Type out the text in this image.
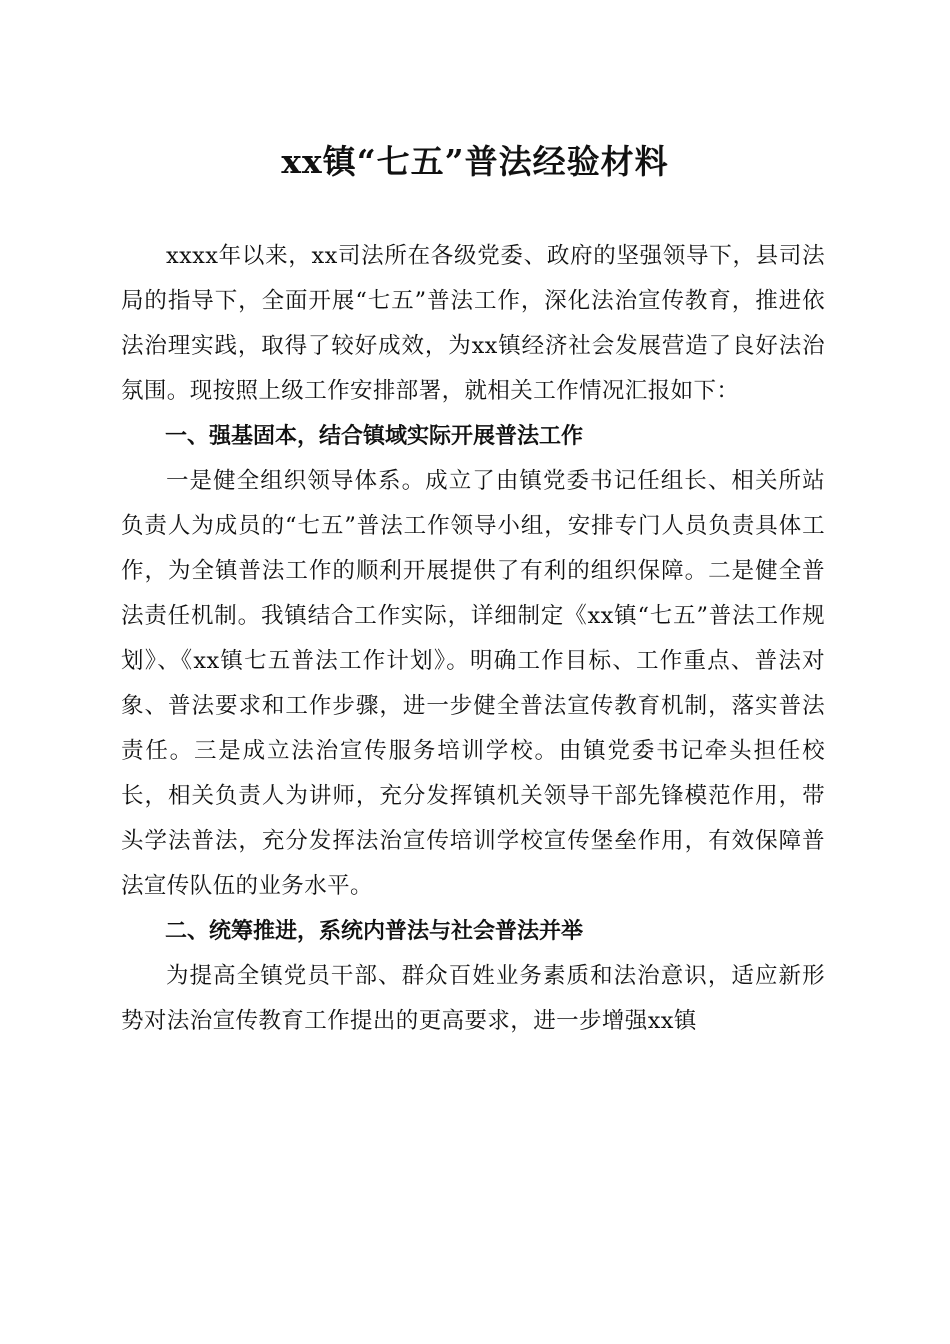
xx镇“七五”普法经验材料

xxxx年以来，xx司法所在各级党委、政府的坚强领导下，县司法局的指导下，全面开展“七五”普法工作，深化法治宣传教育，推进依法治理实践，取得了较好成效，为xx镇经济社会发展营造了良好法治氛围。现按照上级工作安排部署，就相关工作情况汇报如下：

一、强基固本，结合镇域实际开展普法工作

一是健全组织领导体系。成立了由镇党委书记任组长、相关所站负责人为成员的“七五”普法工作领导小组，安排专门人员负责具体工作，为全镇普法工作的顺利开展提供了有利的组织保障。二是健全普法责任机制。我镇结合工作实际，详细制定《xx镇“七五”普法工作规划》、《xx镇七五普法工作计划》。明确工作目标、工作重点、普法对象、普法要求和工作步骤，进一步健全普法宣传教育机制，落实普法责任。三是成立法治宣传服务培训学校。由镇党委书记牵头担任校长，相关负责人为讲师，充分发挥镇机关领导干部先锋模范作用，带头学法普法，充分发挥法治宣传培训学校宣传堡垒作用，有效保障普法宣传队伍的业务水平。

二、统筹推进，系统内普法与社会普法并举

为提高全镇党员干部、群众百姓业务素质和法治意识，适应新形势对法治宣传教育工作提出的更高要求，进一步增强xx镇
